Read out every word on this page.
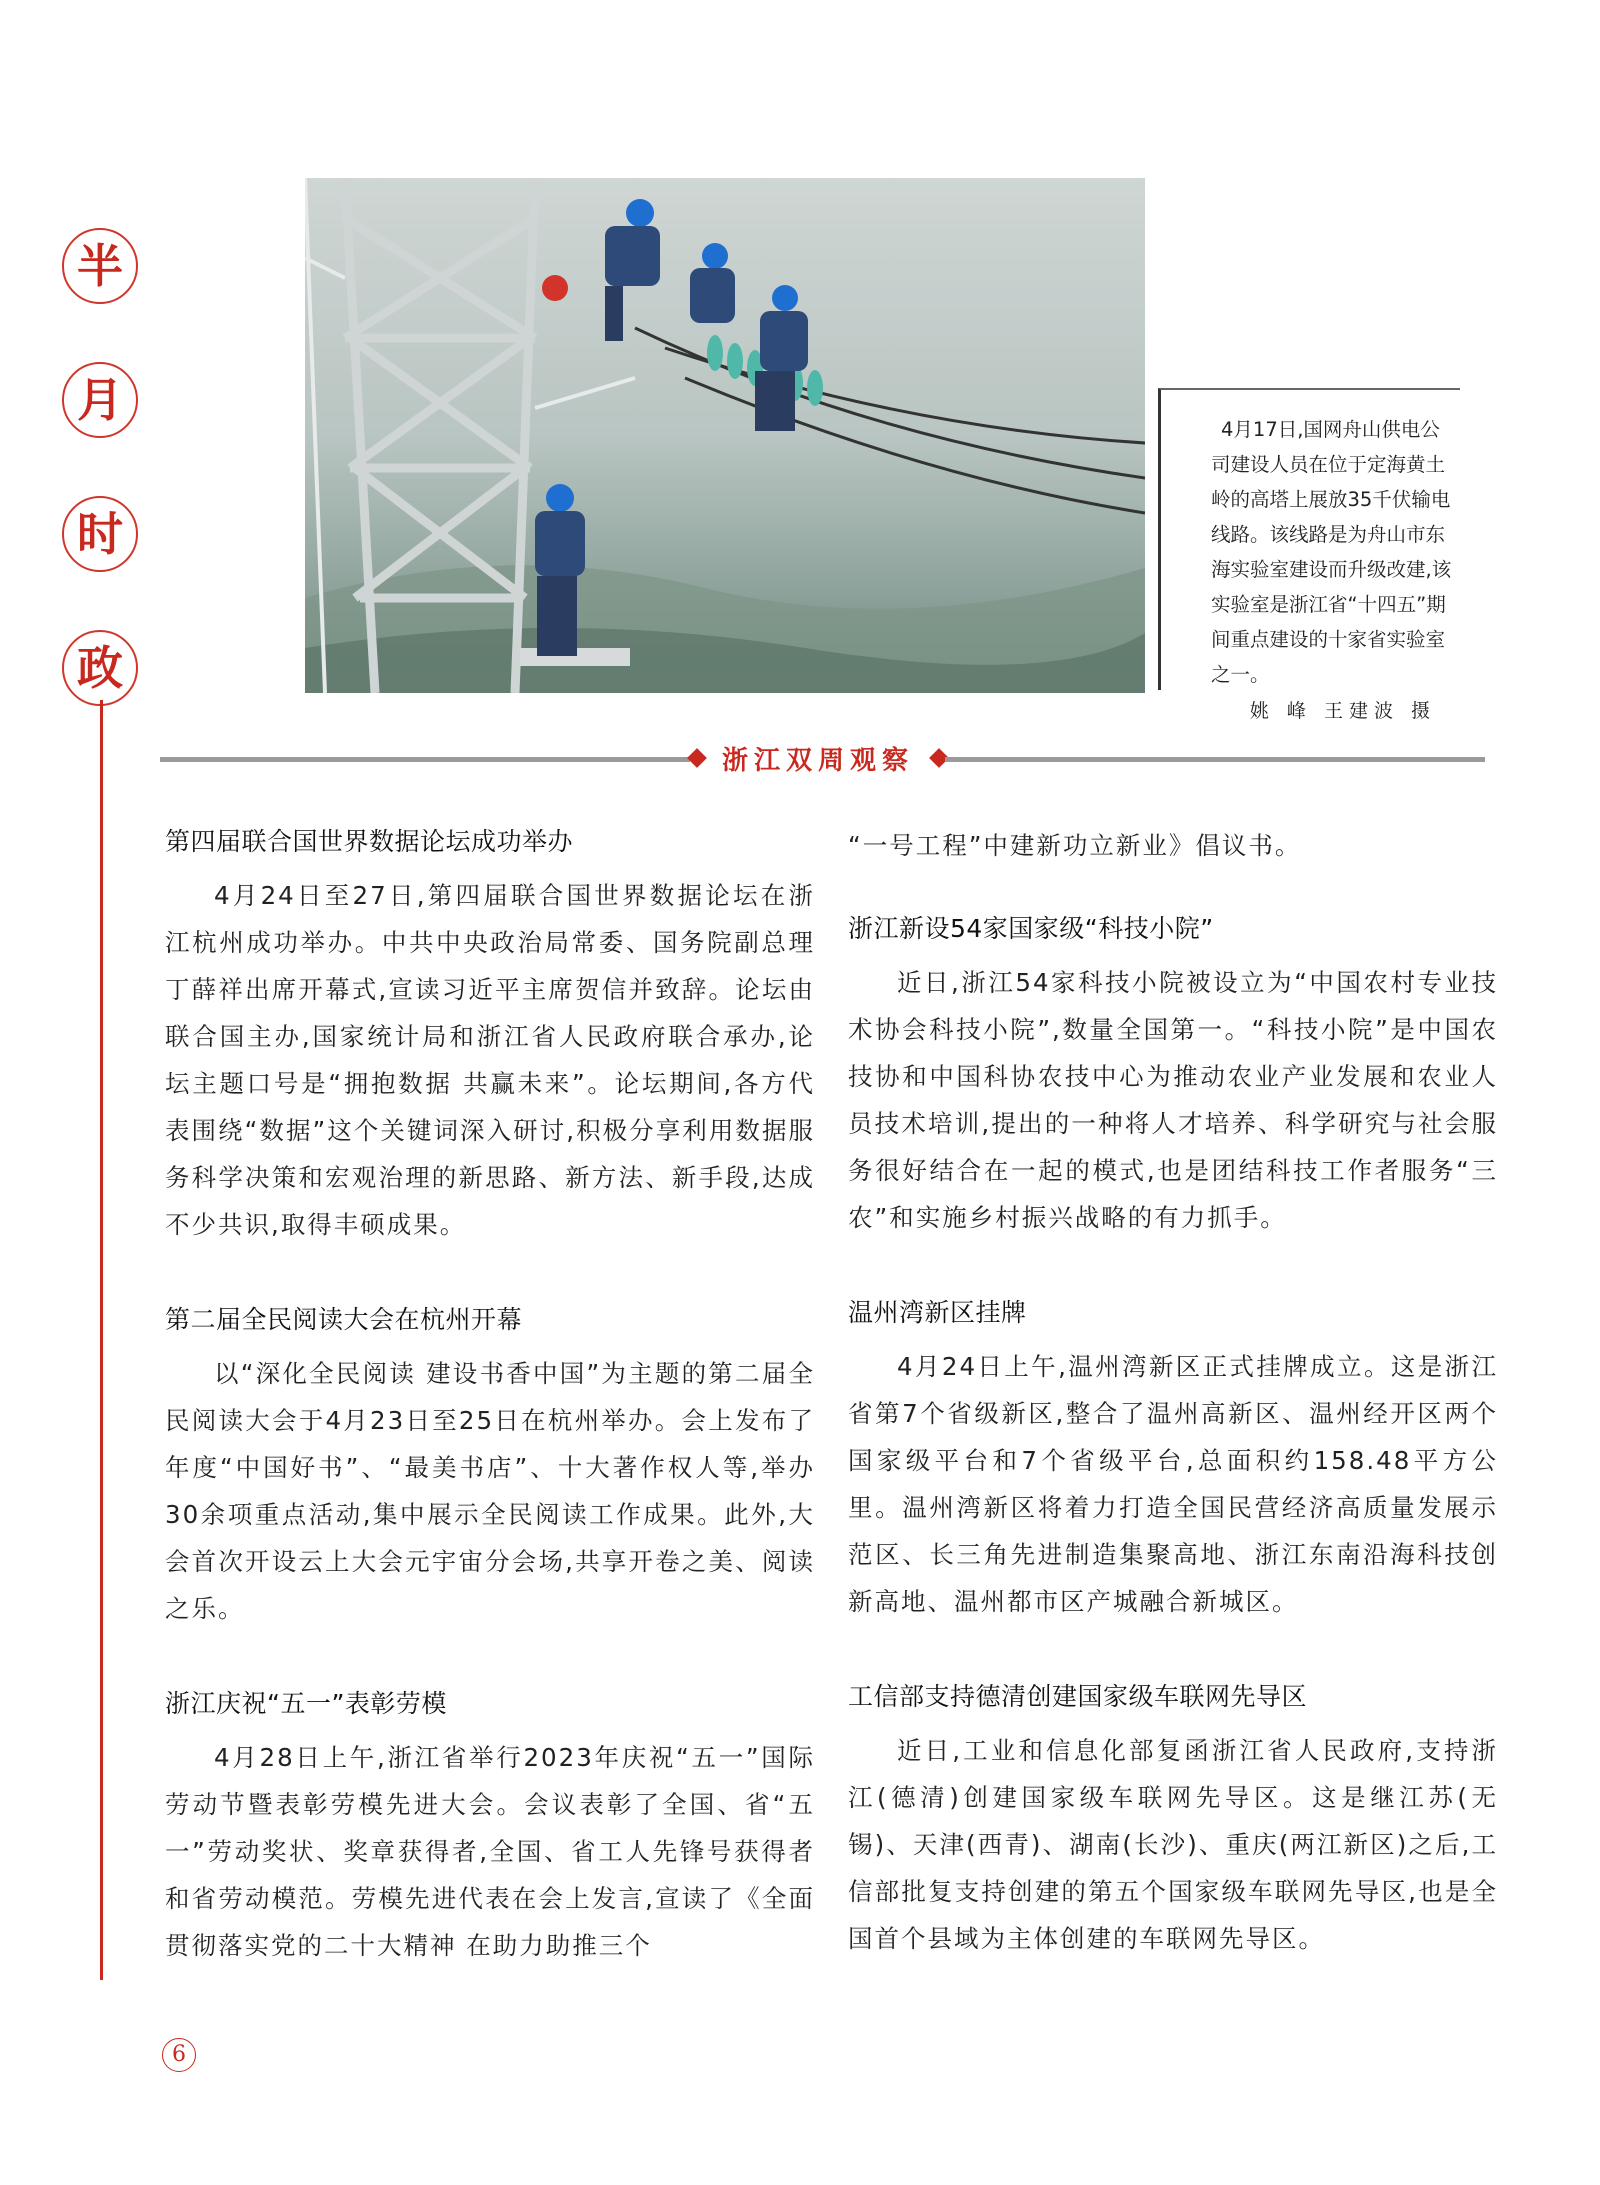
半
月
时
政
4月17日,国网舟山供电公司建设人员在位于定海黄土岭的高塔上展放35千伏输电线路。该线路是为舟山市东海实验室建设而升级改建,该实验室是浙江省“十四五”期间重点建设的十家省实验室之一。
姚 峰 王建波 摄
浙江双周观察
第四届联合国世界数据论坛成功举办

4月24日至27日,第四届联合国世界数据论坛在浙江杭州成功举办。中共中央政治局常委、国务院副总理丁薛祥出席开幕式,宣读习近平主席贺信并致辞。论坛由联合国主办,国家统计局和浙江省人民政府联合承办,论坛主题口号是“拥抱数据 共赢未来”。论坛期间,各方代表围绕“数据”这个关键词深入研讨,积极分享利用数据服务科学决策和宏观治理的新思路、新方法、新手段,达成不少共识,取得丰硕成果。

第二届全民阅读大会在杭州开幕

以“深化全民阅读 建设书香中国”为主题的第二届全民阅读大会于4月23日至25日在杭州举办。会上发布了年度“中国好书”、“最美书店”、十大著作权人等,举办30余项重点活动,集中展示全民阅读工作成果。此外,大会首次开设云上大会元宇宙分会场,共享开卷之美、阅读之乐。

浙江庆祝“五一”表彰劳模

4月28日上午,浙江省举行2023年庆祝“五一”国际劳动节暨表彰劳模先进大会。会议表彰了全国、省“五一”劳动奖状、奖章获得者,全国、省工人先锋号获得者和省劳动模范。劳模先进代表在会上发言,宣读了《全面贯彻落实党的二十大精神 在助力助推三个

“一号工程”中建新功立新业》倡议书。

浙江新设54家国家级“科技小院”

近日,浙江54家科技小院被设立为“中国农村专业技术协会科技小院”,数量全国第一。“科技小院”是中国农技协和中国科协农技中心为推动农业产业发展和农业人员技术培训,提出的一种将人才培养、科学研究与社会服务很好结合在一起的模式,也是团结科技工作者服务“三农”和实施乡村振兴战略的有力抓手。

温州湾新区挂牌

4月24日上午,温州湾新区正式挂牌成立。这是浙江省第7个省级新区,整合了温州高新区、温州经开区两个国家级平台和7个省级平台,总面积约158.48平方公里。温州湾新区将着力打造全国民营经济高质量发展示范区、长三角先进制造集聚高地、浙江东南沿海科技创新高地、温州都市区产城融合新城区。

工信部支持德清创建国家级车联网先导区

近日,工业和信息化部复函浙江省人民政府,支持浙江(德清)创建国家级车联网先导区。这是继江苏(无锡)、天津(西青)、湖南(长沙)、重庆(两江新区)之后,工信部批复支持创建的第五个国家级车联网先导区,也是全国首个县域为主体创建的车联网先导区。

6
